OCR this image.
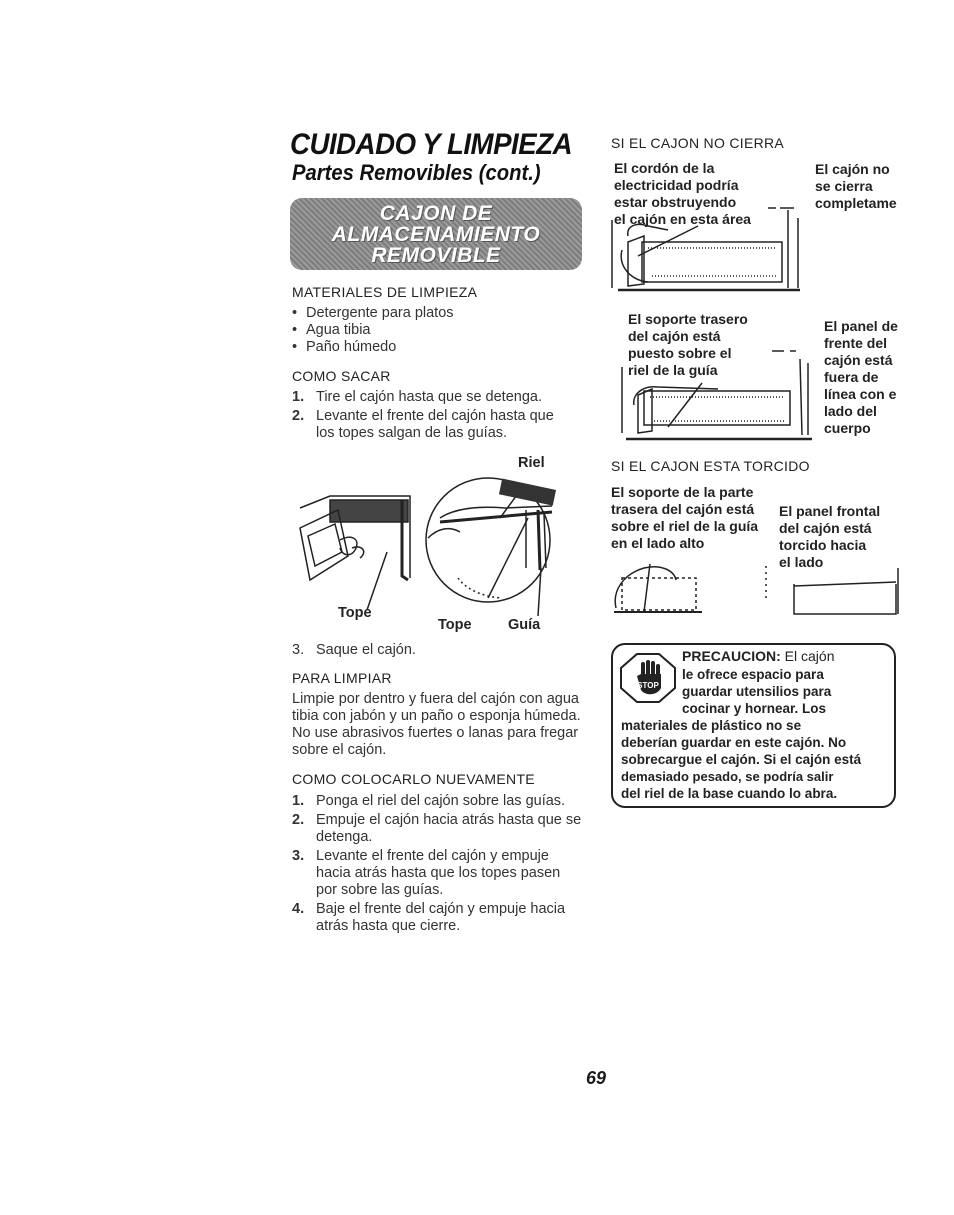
CUIDADO Y LIMPIEZA
Partes Removibles (cont.)
CAJON DE
ALMACENAMIENTO
REMOVIBLE
MATERIALES DE LIMPIEZA
• Detergente para platos
• Agua tibia
• Paño húmedo
COMO SACAR
1. Tire el cajón hasta que se detenga.
2. Levante el frente del cajón hasta que los topes salgan de las guías.
Riel
Tope
Tope	Guía
3. Saque el cajón.
PARA LIMPIAR
Limpie por dentro y fuera del cajón con agua tibia con jabón y un paño o esponja húmeda. No use abrasivos fuertes o lanas para fregar sobre el cajón.
COMO COLOCARLO NUEVAMENTE
1. Ponga el riel del cajón sobre las guías.
2. Empuje el cajón hacia atrás hasta que se detenga.
3. Levante el frente del cajón y empuje hacia atrás hasta que los topes pasen por sobre las guías.
4. Baje el frente del cajón y empuje hacia atrás hasta que cierre.
SI EL CAJON NO CIERRA
El cordón de la
electricidad podría
estar obstruyendo
el cajón en esta área
El cajón no
se cierra
completame
El soporte trasero
del cajón está
puesto sobre el
riel de la guía
El panel de
frente del
cajón está
fuera de
línea con e
lado del
cuerpo
SI EL CAJON ESTA TORCIDO
El soporte de la parte
trasera del cajón está
sobre el riel de la guía
en el lado alto
El panel frontal
del cajón está
torcido hacia
el lado
STOP
PRECAUCION: El cajón
le ofrece espacio para
guardar utensilios para
cocinar y hornear. Los
materiales de plástico no se
deberían guardar en este cajón. No
sobrecargue el cajón. Si el cajón está
demasiado pesado, se podría salir
del riel de la base cuando lo abra.
69
